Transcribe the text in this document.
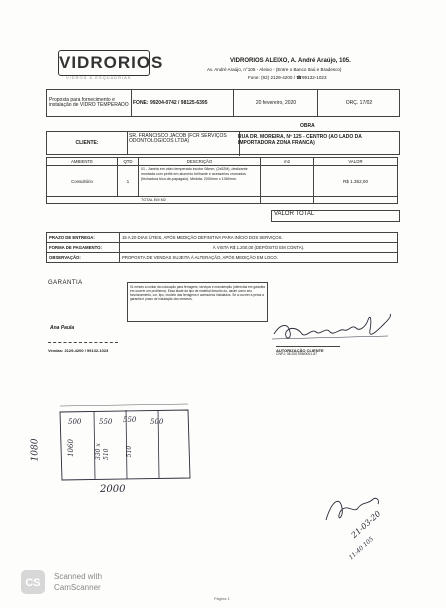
VIDRORIOS
VIDROS & ESQUADRIAS
VIDRORIOS ALEIXO, A. André Araújo, 105.
Av. André Araújo, n°105 - Aleixo - (Entre o Banco Itaú e Bradesco)
Fone: (92) 2129-4200 / ☎99132-1023
Proposta para fornecimento e instalação de VIDRO TEMPERADO FONE: 99204-0742 / 98125-6395	20 fevereiro, 2020	ORÇ. 17/02
OBRA
CLIENTE:
SR. FRANCISCO JACOB (FCR SERVIÇOS ODONTOLOGICOS LTDA)
RUA DR. MOREIRA, Nº 125 - CENTRO (AO LADO DA IMPORTADORA ZONA FRANCA)
AMBIENTE	QTD	DESCRIÇÃO	m2	VALOR
Consultório	1	01 - Janela em vidro temperado incolor 08mm, (2x52M), deslizante montada com perfis em alumínio brilhante e acessórios cromados (fechadura bico-de-papagaio). Medida: 2000mm x 1080mm.		R$ 1.352,00
TOTAL EM M2				
VALOR TOTAL
PRAZO DE ENTREGA:	15 A 20 DIAS ÚTEIS, APÓS MEDIÇÃO DEFINITIVA PARA INÍCIO DOS SERVIÇOS.
FORMA DE PAGAMENTO:	À VISTA R$ 1.200,00 (DEPÓSITO EM CONTA).
OBSERVAÇÃO:	PROPOSTA DE VENDAS SUJEITA À ALTERAÇÃO, APÓS MEDIÇÃO EM LOCO.
GARANTIA
01 meses a contar da colocação para ferragens, serviços e manutenção (oferecida em garantia em ocorrer um problema). Essa idade da tipo de material descrito do, assim como seu funcionamento, cor, tipo, modelo das ferragens e acessórios instalados. Se a ocorrer a perca a garantia e prazo de instalação dos mesmos.
Ana Paula
Vendas: 2129-4200 / 99132-1023	AUTORIZAÇÃO CLIENTE
CNPJ: 08.200.098/0001-87
500	550 550 500
1080	1060	330 x 510	510
2000
21-03-20
11:40 105
CS
Scanned with
CamScanner
Página 1
